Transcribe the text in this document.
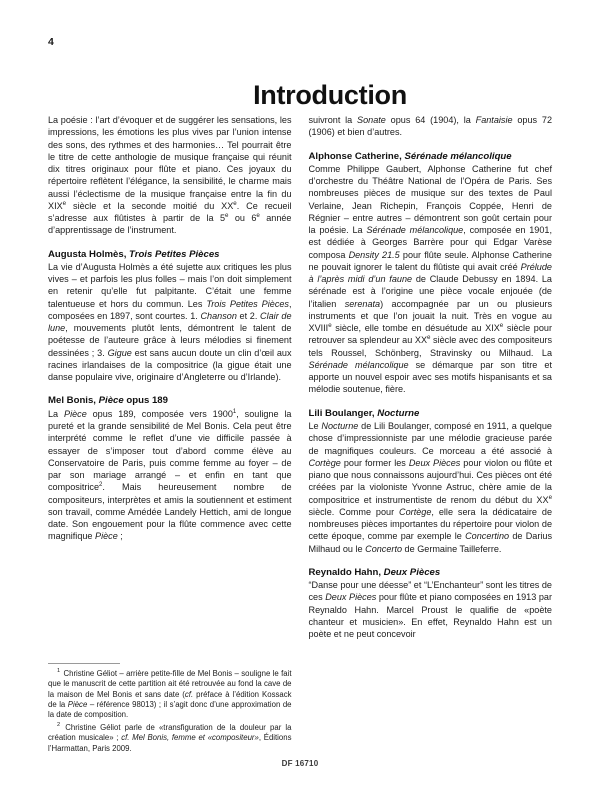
4
Introduction

La poésie : l’art d’évoquer et de suggérer les sensations, les impressions, les émotions les plus vives par l’union intense des sons, des rythmes et des harmonies… Tel pourrait être le titre de cette anthologie de musique française qui réunit dix titres originaux pour flûte et piano. Ces joyaux du répertoire reflètent l’élégance, la sensibilité, le charme mais aussi l’éclectisme de la musique française entre la fin du XIXe siècle et la seconde moitié du XXe. Ce recueil s’adresse aux flûtistes à partir de la 5e ou 6e année d’apprentissage de l’instrument.

Augusta Holmès, Trois Petites Pièces

La vie d’Augusta Holmès a été sujette aux critiques les plus vives – et parfois les plus folles – mais l’on doit simplement en retenir qu’elle fut palpitante. C’était une femme talentueuse et hors du commun. Les Trois Petites Pièces, composées en 1897, sont courtes. 1. Chanson et 2. Clair de lune, mouvements plutôt lents, démontrent le talent de poétesse de l’auteure grâce à leurs mélodies si finement dessinées ; 3. Gigue est sans aucun doute un clin d’œil aux racines irlandaises de la compositrice (la gigue était une danse populaire vive, originaire d’Angleterre ou d’Irlande).

Mel Bonis, Pièce opus 189

La Pièce opus 189, composée vers 1900$^1$, souligne la pureté et la grande sensibilité de Mel Bonis. Cela peut être interprété comme le reflet d’une vie difficile passée à essayer de s’imposer tout d’abord comme élève au Conservatoire de Paris, puis comme femme au foyer – de par son mariage arrangé – et enfin en tant que compositrice$^2$. Mais heureusement nombre de compositeurs, interprètes et amis la soutiennent et estiment son travail, comme Amédée Landely Hettich, ami de longue date. Son engouement pour la flûte commence avec cette magnifique Pièce ;

$^1$ Christine Géliot – arrière petite-fille de Mel Bonis – souligne le fait que le manuscrit de cette partition ait été retrouvée au fond la cave de la maison de Mel Bonis et sans date (cf. préface à l’édition Kossack de la Pièce – référence 98013) ; il s’agit donc d’une approximation de la date de composition.

$^2$ Christine Géliot parle de «transfiguration de la douleur par la création musicale» ; cf. Mel Bonis, femme et «compositeur», Éditions l’Harmattan, Paris 2009.

suivront la Sonate opus 64 (1904), la Fantaisie opus 72 (1906) et bien d’autres.

Alphonse Catherine, Sérénade mélancolique

Comme Philippe Gaubert, Alphonse Catherine fut chef d’orchestre du Théâtre National de l’Opéra de Paris. Ses nombreuses pièces de musique sur des textes de Paul Verlaine, Jean Richepin, François Coppée, Henri de Régnier – entre autres – démontrent son goût certain pour la poésie. La Sérénade mélancolique, composée en 1901, est dédiée à Georges Barrère pour qui Edgar Varèse composa Density 21.5 pour flûte seule. Alphonse Catherine ne pouvait ignorer le talent du flûtiste qui avait créé Prélude à l’après midi d’un faune de Claude Debussy en 1894. La sérénade est à l’origine une pièce vocale enjouée (de l’italien serenata) accompagnée par un ou plusieurs instruments et que l’on jouait la nuit. Très en vogue au XVIIIe siècle, elle tombe en désuétude au XIXe siècle pour retrouver sa splendeur au XXe siècle avec des compositeurs tels Roussel, Schönberg, Stravinsky ou Milhaud. La Sérénade mélancolique se démarque par son titre et apporte un nouvel espoir avec ses motifs hispanisants et sa mélodie soutenue, fière.

Lili Boulanger, Nocturne

Le Nocturne de Lili Boulanger, composé en 1911, a quelque chose d’impressionniste par une mélodie gracieuse parée de magnifiques couleurs. Ce morceau a été associé à Cortège pour former les Deux Pièces pour violon ou flûte et piano que nous connaissons aujourd’hui. Ces pièces ont été créées par la violoniste Yvonne Astruc, chère amie de la compositrice et instrumentiste de renom du début du XXe siècle. Comme pour Cortège, elle sera la dédicataire de nombreuses pièces importantes du répertoire pour violon de cette époque, comme par exemple le Concertino de Darius Milhaud ou le Concerto de Germaine Tailleferre.

Reynaldo Hahn, Deux Pièces

“Danse pour une déesse” et “L’Enchanteur” sont les titres de ces Deux Pièces pour flûte et piano composées en 1913 par Reynaldo Hahn. Marcel Proust le qualifie de «poète chanteur et musicien». En effet, Reynaldo Hahn est un poète et ne peut concevoir

DF 16710
